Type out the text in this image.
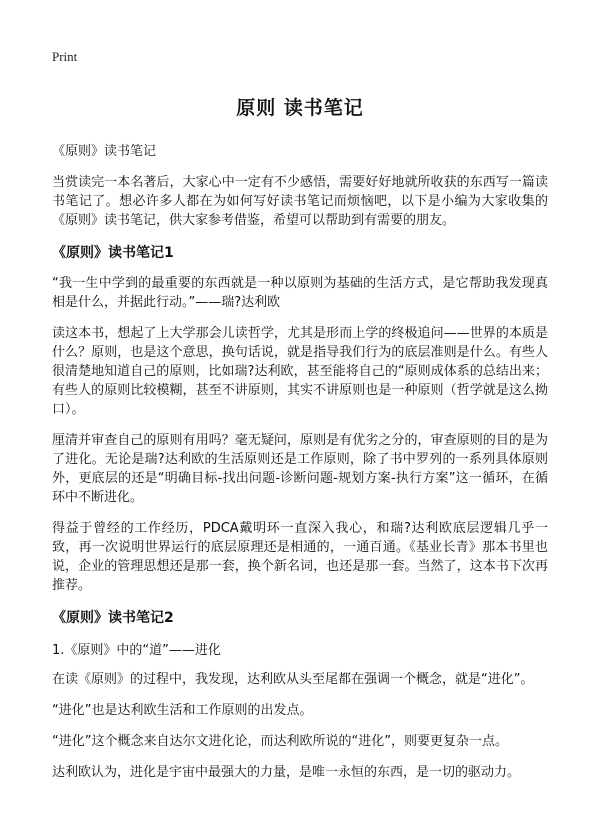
Print
原则 读书笔记
《原则》读书笔记

当赏读完一本名著后，大家心中一定有不少感悟，需要好好地就所收获的东西写一篇读书笔记了。想必许多人都在为如何写好读书笔记而烦恼吧，以下是小编为大家收集的《原则》读书笔记，供大家参考借鉴，希望可以帮助到有需要的朋友。

《原则》读书笔记1

“我一生中学到的最重要的东西就是一种以原则为基础的生活方式，是它帮助我发现真相是什么，并据此行动。”——瑞?达利欧

读这本书，想起了上大学那会儿读哲学，尤其是形而上学的终极追问——世界的本质是什么？原则，也是这个意思，换句话说，就是指导我们行为的底层准则是什么。有些人很清楚地知道自己的原则，比如瑞?达利欧，甚至能将自己的“原则成体系的总结出来；有些人的原则比较模糊，甚至不讲原则，其实不讲原则也是一种原则（哲学就是这么拗口）。

厘清并审查自己的原则有用吗？毫无疑问，原则是有优劣之分的，审查原则的目的是为了进化。无论是瑞?达利欧的生活原则还是工作原则，除了书中罗列的一系列具体原则外，更底层的还是“明确目标-找出问题-诊断问题-规划方案-执行方案”这一循环，在循环中不断进化。

得益于曾经的工作经历，PDCA戴明环一直深入我心，和瑞?达利欧底层逻辑几乎一致，再一次说明世界运行的底层原理还是相通的，一通百通。《基业长青》那本书里也说，企业的管理思想还是那一套，换个新名词，也还是那一套。当然了，这本书下次再推荐。

《原则》读书笔记2
1.《原则》中的“道”——进化

在读《原则》的过程中，我发现，达利欧从头至尾都在强调一个概念，就是“进化”。

“进化”也是达利欧生活和工作原则的出发点。

“进化”这个概念来自达尔文进化论，而达利欧所说的“进化”，则要更复杂一点。

达利欧认为，进化是宇宙中最强大的力量，是唯一永恒的东西，是一切的驱动力。
